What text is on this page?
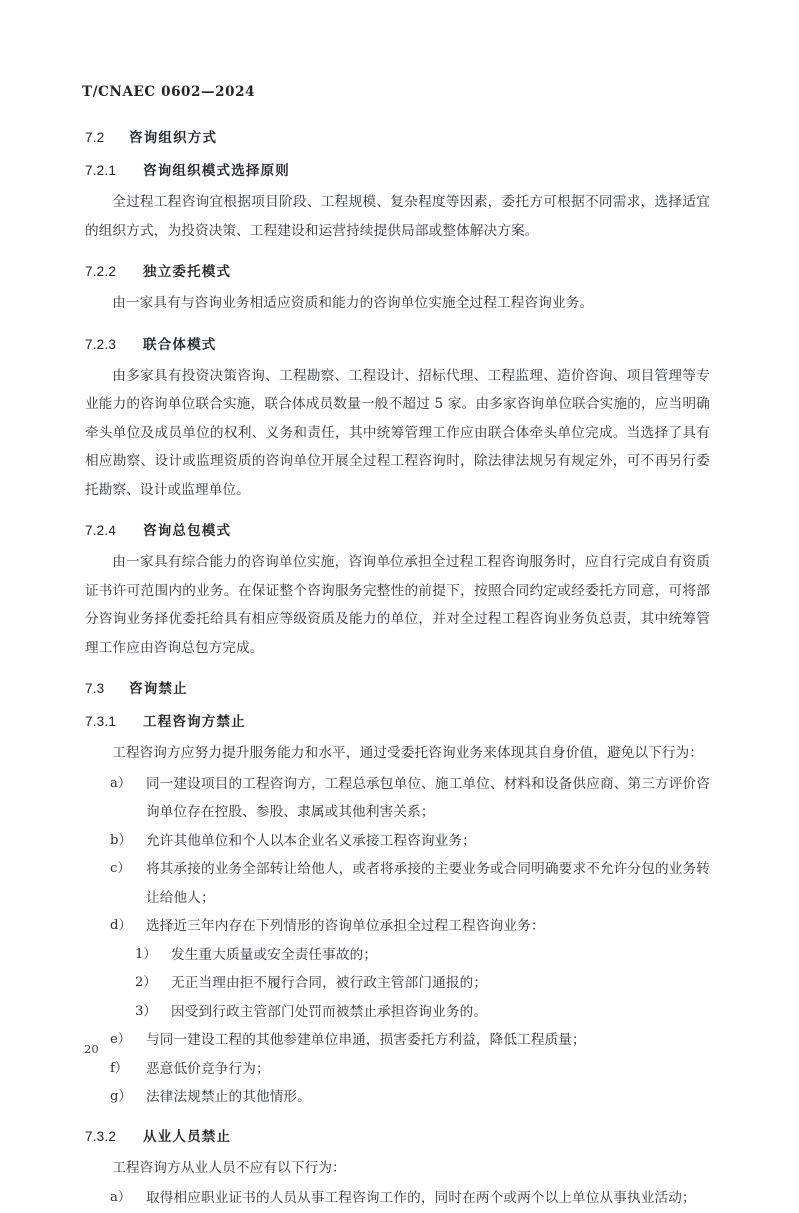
T/CNAEC 0602—2024
7.2	咨询组织方式
7.2.1	咨询组织模式选择原则

全过程工程咨询宜根据项目阶段、工程规模、复杂程度等因素，委托方可根据不同需求，选择适宜的组织方式，为投资决策、工程建设和运营持续提供局部或整体解决方案。

7.2.2	独立委托模式

由一家具有与咨询业务相适应资质和能力的咨询单位实施全过程工程咨询业务。

7.2.3	联合体模式

由多家具有投资决策咨询、工程勘察、工程设计、招标代理、工程监理、造价咨询、项目管理等专业能力的咨询单位联合实施，联合体成员数量一般不超过 5 家。由多家咨询单位联合实施的，应当明确牵头单位及成员单位的权利、义务和责任，其中统筹管理工作应由联合体牵头单位完成。当选择了具有相应勘察、设计或监理资质的咨询单位开展全过程工程咨询时，除法律法规另有规定外，可不再另行委托勘察、设计或监理单位。

7.2.4	咨询总包模式

由一家具有综合能力的咨询单位实施，咨询单位承担全过程工程咨询服务时，应自行完成自有资质证书许可范围内的业务。在保证整个咨询服务完整性的前提下，按照合同约定或经委托方同意，可将部分咨询业务择优委托给具有相应等级资质及能力的单位，并对全过程工程咨询业务负总责，其中统筹管理工作应由咨询总包方完成。

7.3	咨询禁止
7.3.1	工程咨询方禁止

工程咨询方应努力提升服务能力和水平，通过受委托咨询业务来体现其自身价值，避免以下行为：

a）	同一建设项目的工程咨询方，工程总承包单位、施工单位、材料和设备供应商、第三方评价咨询单位存在控股、参股、隶属或其他利害关系；
b）	允许其他单位和个人以本企业名义承接工程咨询业务；
c）	将其承接的业务全部转让给他人，或者将承接的主要业务或合同明确要求不允许分包的业务转让给他人；
d）	选择近三年内存在下列情形的咨询单位承担全过程工程咨询业务：
1）	发生重大质量或安全责任事故的；
2）	无正当理由拒不履行合同，被行政主管部门通报的；
3）	因受到行政主管部门处罚而被禁止承担咨询业务的。
e）	与同一建设工程的其他参建单位串通，损害委托方利益，降低工程质量；
f）	恶意低价竞争行为；
g）	法律法规禁止的其他情形。
7.3.2	从业人员禁止

工程咨询方从业人员不应有以下行为：

a）	取得相应职业证书的人员从事工程咨询工作的，同时在两个或两个以上单位从事执业活动；
20
